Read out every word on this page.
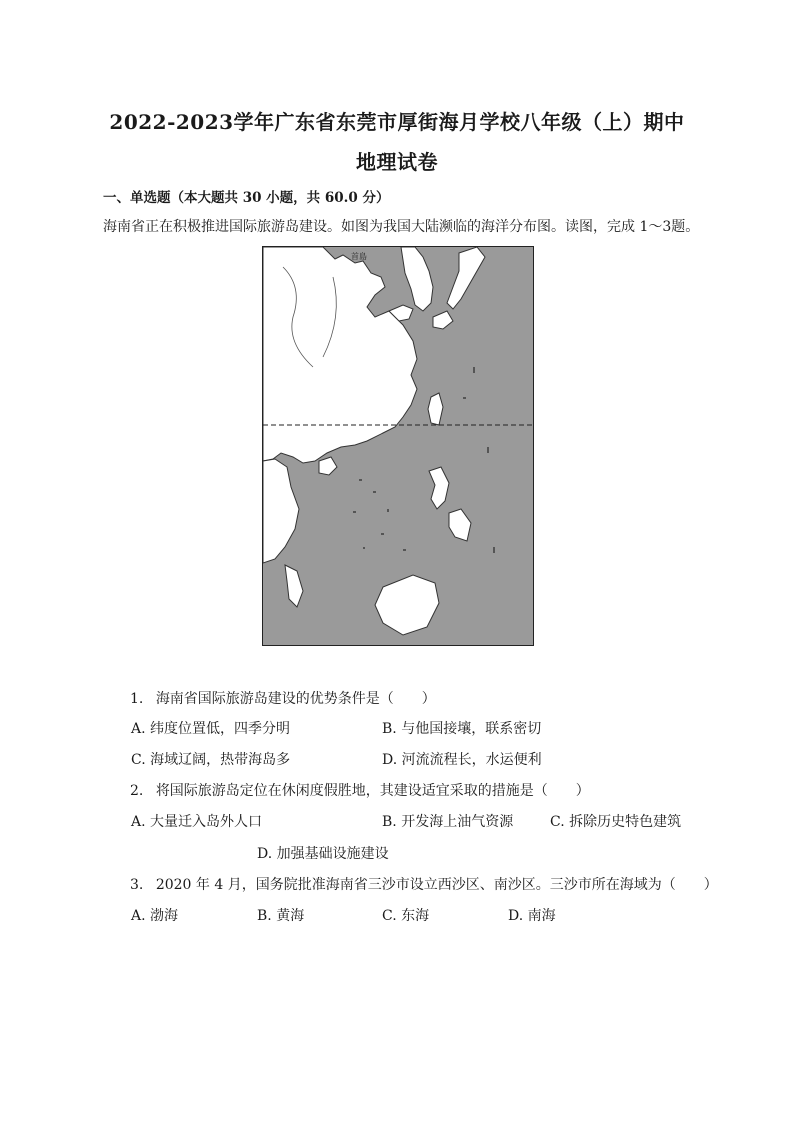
2022-2023学年广东省东莞市厚街海月学校八年级（上）期中
地理试卷
一、单选题（本大题共 30 小题，共 60.0 分）
海南省正在积极推进国际旅游岛建设。如图为我国大陆濒临的海洋分布图。读图，完成 1～3题。
首島
1. 海南省国际旅游岛建设的优势条件是（　　）
A. 纬度位置低，四季分明	B. 与他国接壤，联系密切
C. 海域辽阔，热带海岛多	D. 河流流程长，水运便利
2. 将国际旅游岛定位在休闲度假胜地，其建设适宜采取的措施是（　　）
A. 大量迁入岛外人口	B. 开发海上油气资源	C. 拆除历史特色建筑
D. 加强基础设施建设
3. 2020 年 4 月，国务院批准海南省三沙市设立西沙区、南沙区。三沙市所在海域为（　　）
A. 渤海	B. 黄海	C. 东海	D. 南海
